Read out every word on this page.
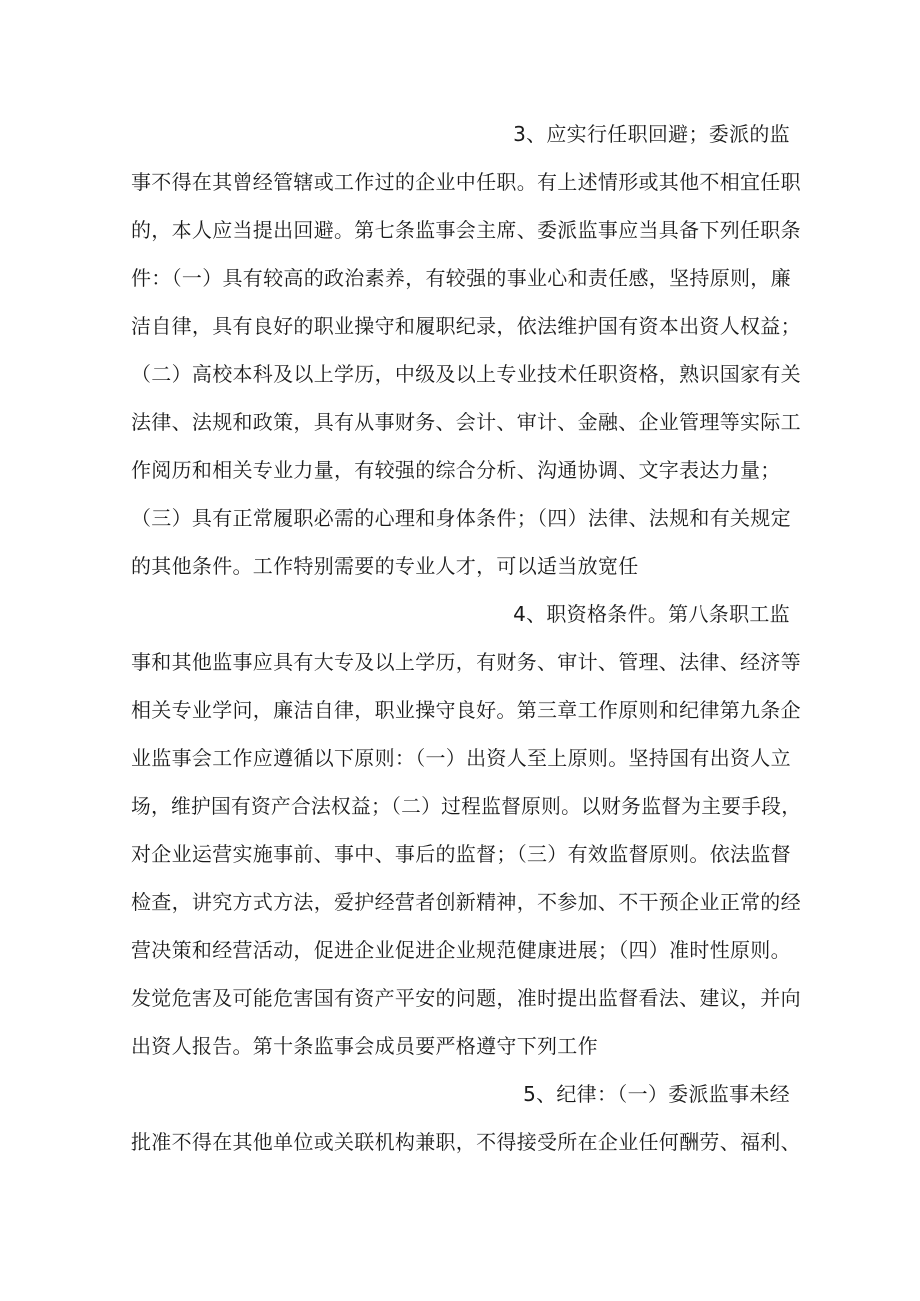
3、应实行任职回避；委派的监
事不得在其曾经管辖或工作过的企业中任职。有上述情形或其他不相宜任职
的，本人应当提出回避。第七条监事会主席、委派监事应当具备下列任职条
件：（一）具有较高的政治素养，有较强的事业心和责任感，坚持原则，廉
洁自律，具有良好的职业操守和履职纪录，依法维护国有资本出资人权益；
（二）高校本科及以上学历，中级及以上专业技术任职资格，熟识国家有关
法律、法规和政策，具有从事财务、会计、审计、金融、企业管理等实际工
作阅历和相关专业力量，有较强的综合分析、沟通协调、文字表达力量；
（三）具有正常履职必需的心理和身体条件；（四）法律、法规和有关规定
的其他条件。工作特别需要的专业人才，可以适当放宽任
4、职资格条件。第八条职工监
事和其他监事应具有大专及以上学历，有财务、审计、管理、法律、经济等
相关专业学问，廉洁自律，职业操守良好。第三章工作原则和纪律第九条企
业监事会工作应遵循以下原则：（一）出资人至上原则。坚持国有出资人立
场，维护国有资产合法权益；（二）过程监督原则。以财务监督为主要手段，
对企业运营实施事前、事中、事后的监督；（三）有效监督原则。依法监督
检查，讲究方式方法，爱护经营者创新精神，不参加、不干预企业正常的经
营决策和经营活动，促进企业促进企业规范健康进展；（四）准时性原则。
发觉危害及可能危害国有资产平安的问题，准时提出监督看法、建议，并向
出资人报告。第十条监事会成员要严格遵守下列工作
5、纪律：（一）委派监事未经
批准不得在其他单位或关联机构兼职，不得接受所在企业任何酬劳、福利、
